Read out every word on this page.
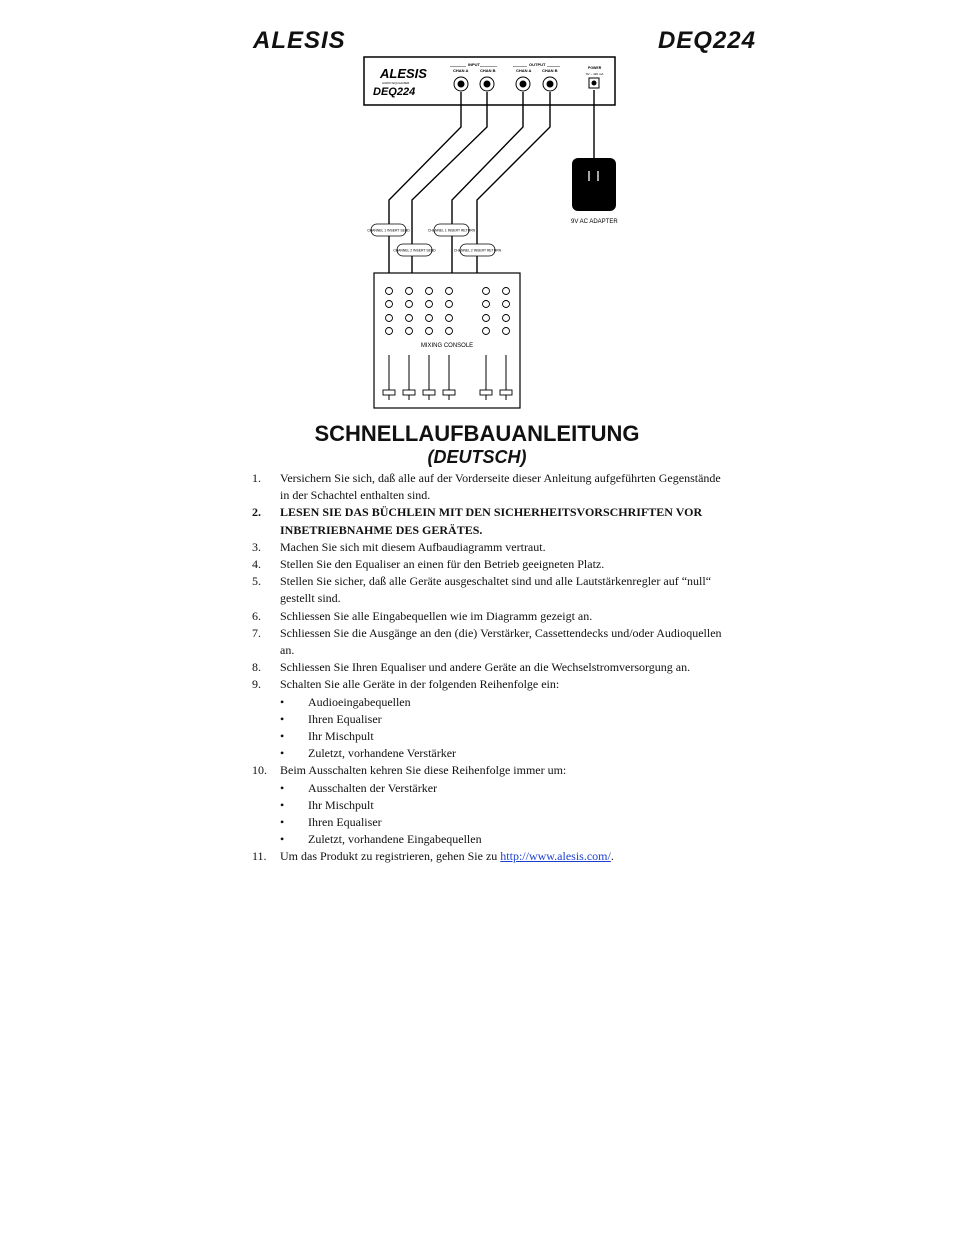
ALESIS	DEQ224
ALESIS
AUDIO EQUALIZER
DEQ224
INPUT	OUTPUT
CHAN A	CHAN B	CHAN A	CHAN B	POWER
9V ~ 420 mA
9V AC ADAPTER
CHANNEL 1 INSERT SEND	CHANNEL 1 INSERT RETURN
CHANNEL 2 INSERT SEND	CHANNEL 2 INSERT RETURN
MIXING CONSOLE
SCHNELLAUFBAUANLEITUNG
(DEUTSCH)
1.	Versichern Sie sich, daß alle auf der Vorderseite dieser Anleitung aufgeführten Gegenstände in der Schachtel enthalten sind.
2.	LESEN SIE DAS BÜCHLEIN MIT DEN SICHERHEITSVORSCHRIFTEN VOR INBETRIEBNAHME DES GERÄTES.
3.	Machen Sie sich mit diesem Aufbaudiagramm vertraut.
4.	Stellen Sie den Equaliser an einen für den Betrieb geeigneten Platz.
5.	Stellen Sie sicher, daß alle Geräte ausgeschaltet sind und alle Lautstärkenregler auf “null“ gestellt sind.
6.	Schliessen Sie alle Eingabequellen wie im Diagramm gezeigt an.
7.	Schliessen Sie die Ausgänge an den (die) Verstärker, Cassettendecks und/oder Audioquellen an.
8.	Schliessen Sie Ihren Equaliser und andere Geräte an die Wechselstromversorgung an.
9.	Schalten Sie alle Geräte in der folgenden Reihenfolge ein:
•	Audioeingabequellen
•	Ihren Equaliser
•	Ihr Mischpult
•	Zuletzt, vorhandene Verstärker
10.	Beim Ausschalten kehren Sie diese Reihenfolge immer um:
•	Ausschalten der Verstärker
•	Ihr Mischpult
•	Ihren Equaliser
•	Zuletzt, vorhandene Eingabequellen
11.	Um das Produkt zu registrieren, gehen Sie zu http://www.alesis.com/.
